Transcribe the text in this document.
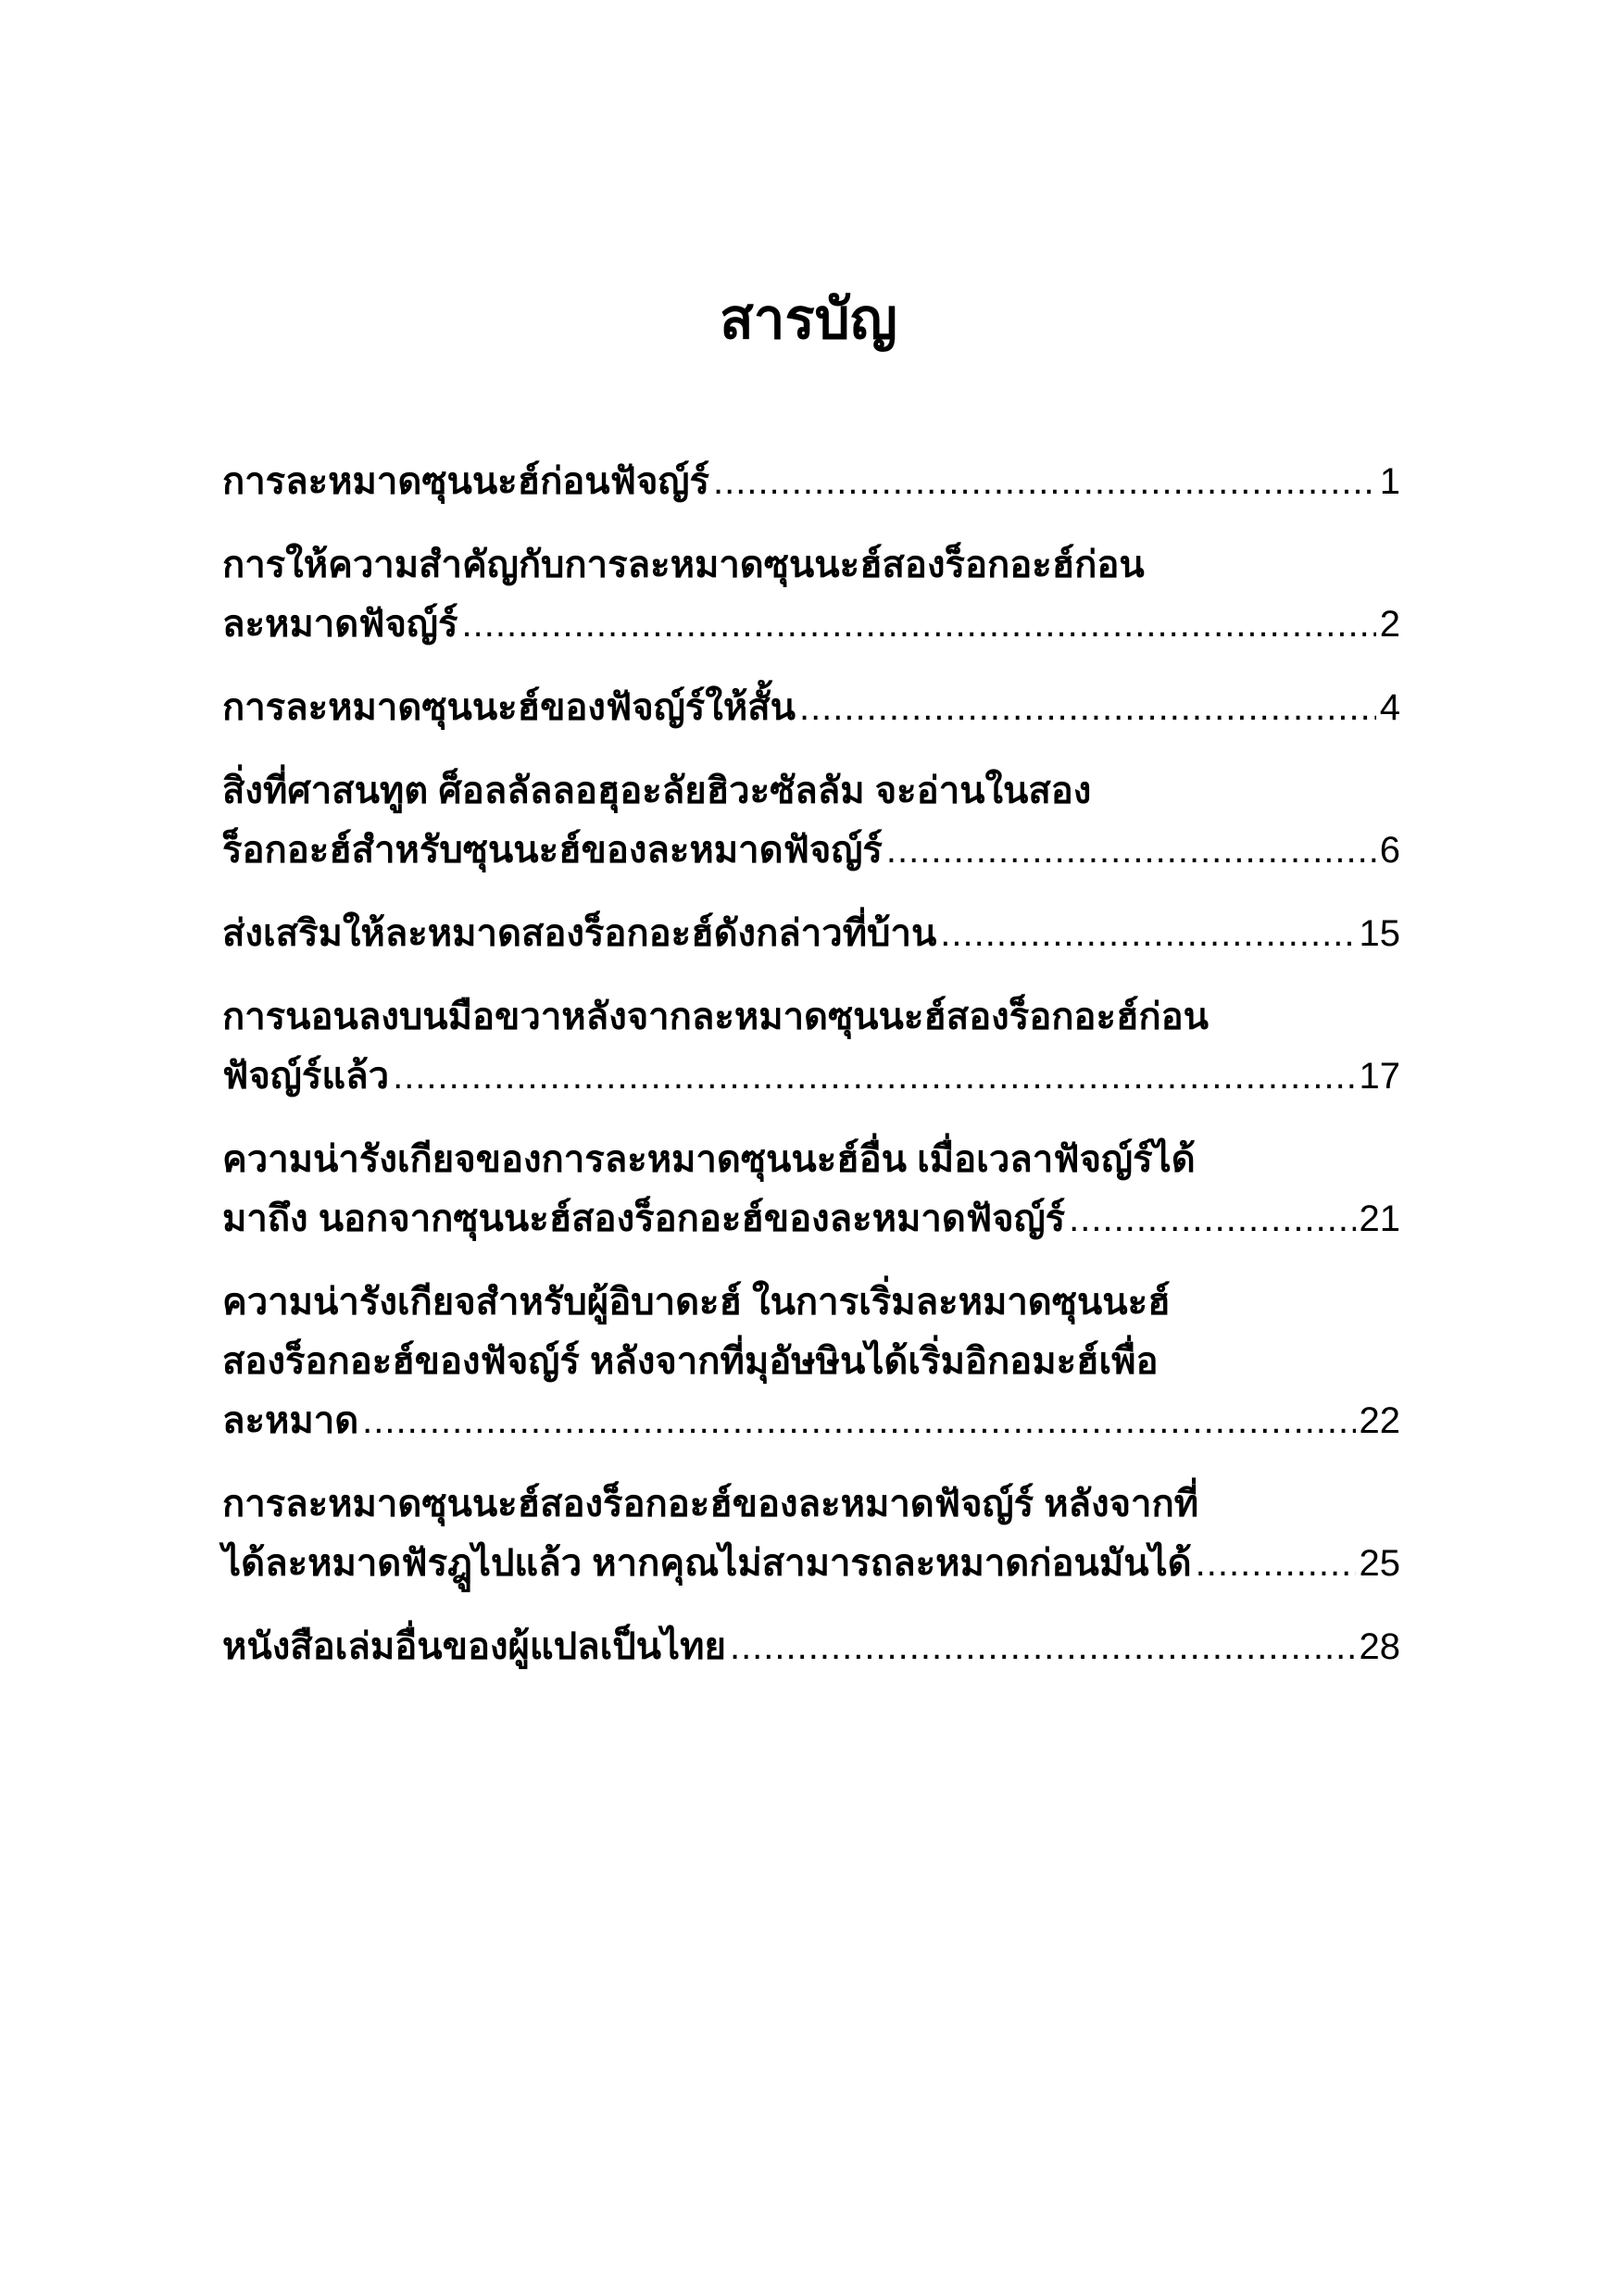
สารบัญ
การละหมาดซุนนะฮ์ก่อนฟัจญ์ร์ .....	1
การให้ความสำคัญกับการละหมาดซุนนะฮ์สองร็อกอะฮ์ก่อน
ละหมาดฟัจญ์ร์ .....	2
การละหมาดซุนนะฮ์ของฟัจญ์ร์ให้สั้น .....	4
สิ่งที่ศาสนทูต ศ็อลลัลลอฮุอะลัยฮิวะซัลลัม จะอ่านในสอง
ร็อกอะฮ์สำหรับซุนนะฮ์ของละหมาดฟัจญ์ร์ .....	6
ส่งเสริมให้ละหมาดสองร็อกอะฮ์ดังกล่าวที่บ้าน .....	15
การนอนลงบนมือขวาหลังจากละหมาดซุนนะฮ์สองร็อกอะฮ์ก่อน
ฟัจญ์ร์แล้ว .....	17
ความน่ารังเกียจของการละหมาดซุนนะฮ์อื่น เมื่อเวลาฟัจญ์ร์ได้
มาถึง นอกจากซุนนะฮ์สองร็อกอะฮ์ของละหมาดฟัจญ์ร์ .....	21
ความน่ารังเกียจสำหรับผู้อิบาดะฮ์ ในการเริ่มละหมาดซุนนะฮ์
สองร็อกอะฮ์ของฟัจญ์ร์ หลังจากที่มุอัษษินได้เริ่มอิกอมะฮ์เพื่อ
ละหมาด .....	22
การละหมาดซุนนะฮ์สองร็อกอะฮ์ของละหมาดฟัจญ์ร์ หลังจากที่
ได้ละหมาดฟัรฎูไปแล้ว หากคุณไม่สามารถละหมาดก่อนมันได้ .....	25
หนังสือเล่มอื่นของผู้แปลเป็นไทย .....	28
